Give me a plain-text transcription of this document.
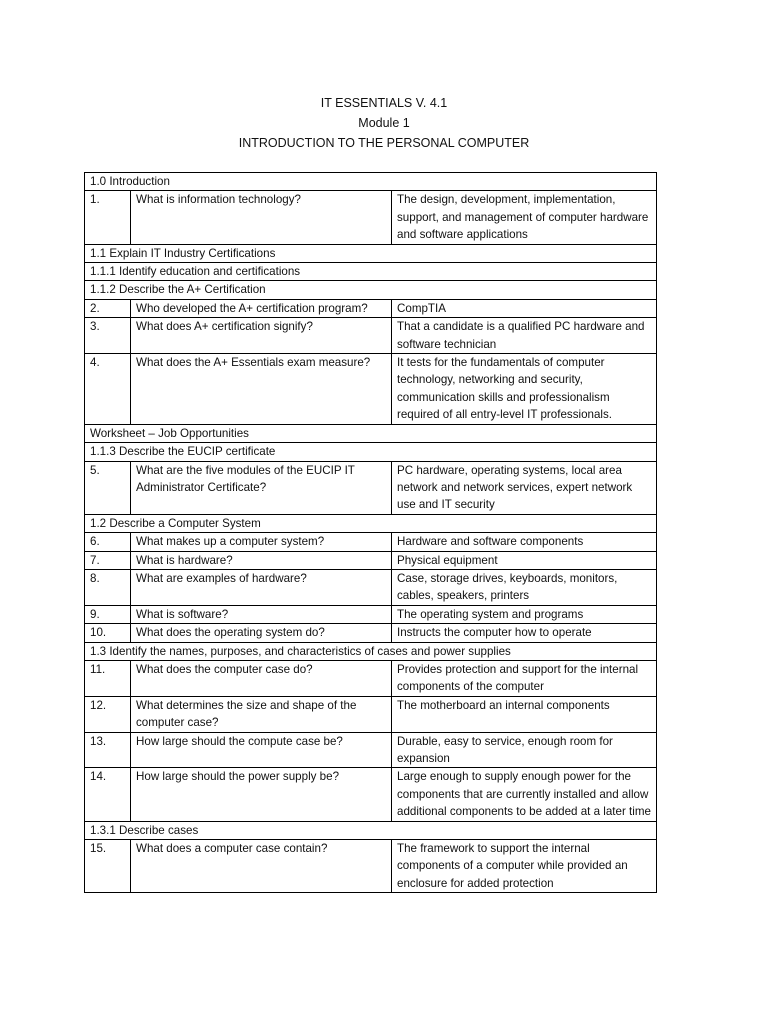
IT ESSENTIALS V. 4.1
Module 1
INTRODUCTION TO THE PERSONAL COMPUTER
1.0 Introduction		
1.	What is information technology?	The design, development, implementation, support, and management of computer hardware and software applications
1.1 Explain IT Industry Certifications		
1.1.1 Identify education and certifications		
1.1.2 Describe the A+ Certification		
2.	Who developed the A+ certification program?	CompTIA
3.	What does A+ certification signify?	That a candidate is a qualified PC hardware and software technician
4.	What does the A+ Essentials exam measure?	It tests for the fundamentals of computer technology, networking and security, communication skills and professionalism required of all entry-level IT professionals.
Worksheet – Job Opportunities		
1.1.3 Describe the EUCIP certificate		
5.	What are the five modules of the EUCIP IT Administrator Certificate?	PC hardware, operating systems, local area network and network services, expert network use and IT security
1.2 Describe a Computer System		
6.	What makes up a computer system?	Hardware and software components
7.	What is hardware?	Physical equipment
8.	What are examples of hardware?	Case, storage drives, keyboards, monitors, cables, speakers, printers
9.	What is software?	The operating system and programs
10.	What does the operating system do?	Instructs the computer how to operate
1.3 Identify the names, purposes, and characteristics of cases and power supplies		
11.	What does the computer case do?	Provides protection and support for the internal components of the computer
12.	What determines the size and shape of the computer case?	The motherboard an internal components
13.	How large should the compute case be?	Durable, easy to service, enough room for expansion
14.	How large should the power supply be?	Large enough to supply enough power for the components that are currently installed and allow additional components to be added at a later time
1.3.1 Describe cases		
15.	What does a computer case contain?	The framework to support the internal components of a computer while provided an enclosure for added protection
